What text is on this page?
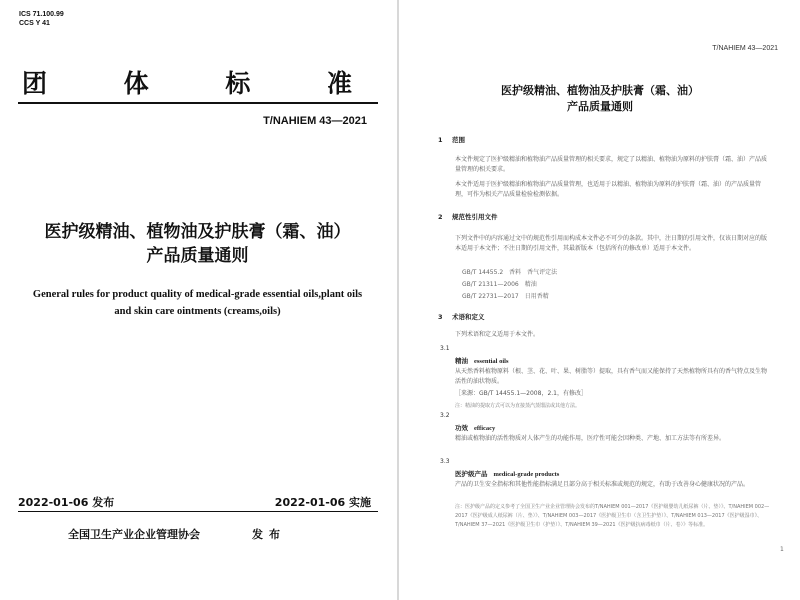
ICS 71.100.99
CCS Y 41
团	体	标	准
T/NAHIEM 43—2021
医护级精油、植物油及护肤膏（霜、油）
产品质量通则
General rules for product quality of medical-grade essential oils,plant oils
and skin care ointments (creams,oils)
2022-01-06 发布	2022-01-06 实施
全国卫生产业企业管理协会	发布
T/NAHIEM 43—2021
医护级精油、植物油及护肤膏（霜、油）
产品质量通则
1 范围
本文件规定了医护级精油和植物油产品质量管理的相关要求，规定了以精油、植物油为原料的护肤膏（霜、油）产品质量管理的相关要求。
本文件适用于医护级精油和植物油产品质量管理，也适用于以精油、植物油为原料的护肤膏（霜、油）的产品质量管理，可作为相关产品质量检验检测依据。
2 规范性引用文件
下列文件中的内容通过文中的规范性引用而构成本文件必不可少的条款。其中，注日期的引用文件，仅该日期对应的版本适用于本文件；不注日期的引用文件，其最新版本（包括所有的修改单）适用于本文件。
GB/T 14455.2　香料　香气评定法
GB/T 21311—2006　精油
GB/T 22731—2017　日用香精
3 术语和定义
下列术语和定义适用于本文件。
3.1
精油 essential oils
从天然香料植物原料（根、茎、花、叶、果、树脂等）提取，具有香气而又能保持了天然植物所具有的香气特点及生物活性的油状物质。
［来源：GB/T 14455.1—2008，2.1，有修改］
注：精油的提取方式可以为直接蒸汽蒸馏法或其他方法。
3.2
功效 efficacy
精油或植物油的活性物质对人体产生的功能作用，医疗性可能会因种类、产地、加工方法等有所差异。
3.3
医护级产品 medical-grade products
产品的卫生安全指标和其他性能指标满足且部分高于相关标准或规范的规定，有助于改善身心健康状况的产品。
注：医护级产品的定义参考了全国卫生产业企业管理协会发布的T/NAHIEM 001—2017《医护级婴幼儿纸尿裤（片、垫）》、T/NAHIEM 002—2017《医护级成人纸尿裤（片、垫）》、T/NAHIEM 003—2017《医护级卫生巾（含卫生护垫）》、T/NAHIEM 013—2017《医护级湿巾》、T/NAHIEM 37—2021《医护级卫生巾（护垫）》、T/NAHIEM 39—2021《医护级抗病毒纸巾（片、卷）》等标准。
1
